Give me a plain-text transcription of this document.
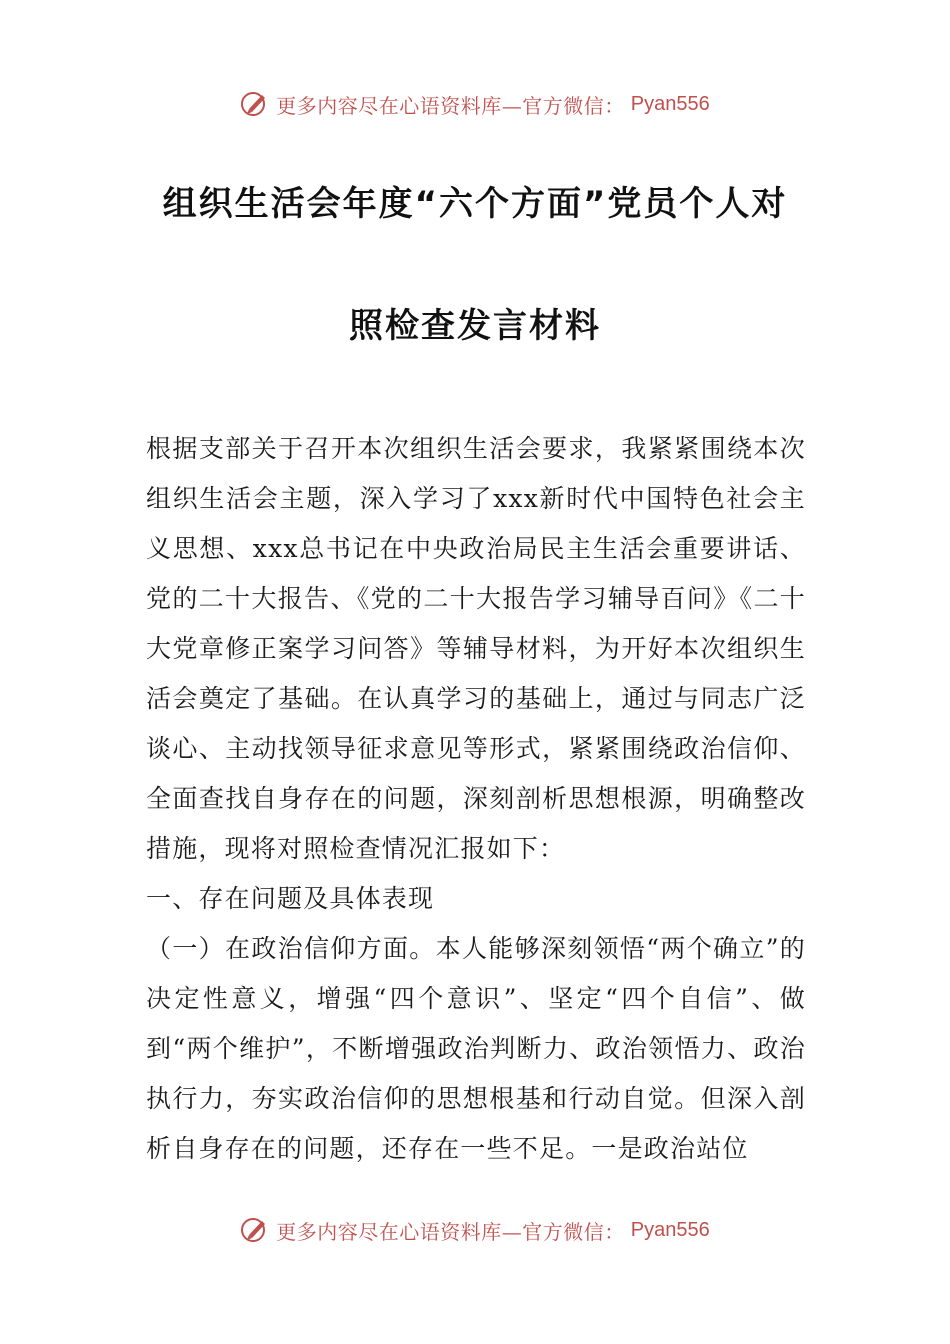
更多内容尽在心语资料库—官方微信： Pyan556
组织生活会年度“六个方面”党员个人对
照检查发言材料

根据支部关于召开本次组织生活会要求，我紧紧围绕本次组织生活会主题，深入学习了xxx新时代中国特色社会主义思想、xxx总书记在中央政治局民主生活会重要讲话、党的二十大报告、《党的二十大报告学习辅导百问》《二十大党章修正案学习问答》等辅导材料，为开好本次组织生活会奠定了基础。在认真学习的基础上，通过与同志广泛谈心、主动找领导征求意见等形式，紧紧围绕政治信仰、全面查找自身存在的问题，深刻剖析思想根源，明确整改措施，现将对照检查情况汇报如下：

一、存在问题及具体表现

（一）在政治信仰方面。本人能够深刻领悟“两个确立”的决定性意义，增强“四个意识”、坚定“四个自信”、做到“两个维护”，不断增强政治判断力、政治领悟力、政治执行力，夯实政治信仰的思想根基和行动自觉。但深入剖析自身存在的问题，还存在一些不足。一是政治站位

更多内容尽在心语资料库—官方微信： Pyan556
